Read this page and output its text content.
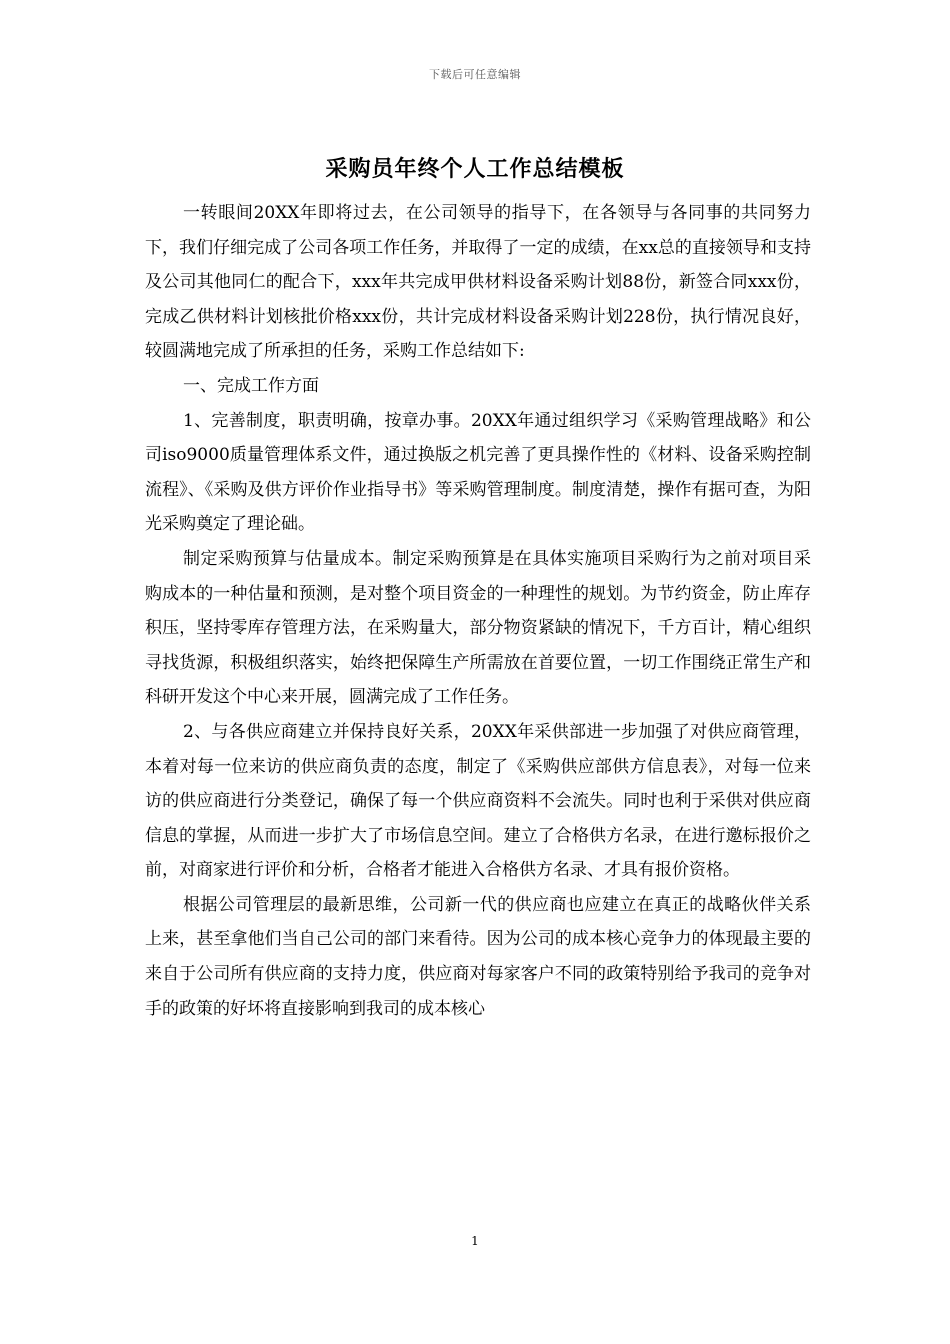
下载后可任意编辑
采购员年终个人工作总结模板

一转眼间20XX年即将过去，在公司领导的指导下，在各领导与各同事的共同努力下，我们仔细完成了公司各项工作任务，并取得了一定的成绩，在xx总的直接领导和支持及公司其他同仁的配合下，xxx年共完成甲供材料设备采购计划88份，新签合同xxx份，完成乙供材料计划核批价格xxx份，共计完成材料设备采购计划228份，执行情况良好，较圆满地完成了所承担的任务，采购工作总结如下:

一、完成工作方面

1、完善制度，职责明确，按章办事。20XX年通过组织学习《采购管理战略》和公司iso9000质量管理体系文件，通过换版之机完善了更具操作性的《材料、设备采购控制流程》、《采购及供方评价作业指导书》等采购管理制度。制度清楚，操作有据可查，为阳光采购奠定了理论础。

制定采购预算与估量成本。制定采购预算是在具体实施项目采购行为之前对项目采购成本的一种估量和预测，是对整个项目资金的一种理性的规划。为节约资金，防止库存积压，坚持零库存管理方法，在采购量大，部分物资紧缺的情况下，千方百计，精心组织寻找货源，积极组织落实，始终把保障生产所需放在首要位置，一切工作围绕正常生产和科研开发这个中心来开展，圆满完成了工作任务。

2、与各供应商建立并保持良好关系，20XX年采供部进一步加强了对供应商管理，本着对每一位来访的供应商负责的态度，制定了《采购供应部供方信息表》，对每一位来访的供应商进行分类登记，确保了每一个供应商资料不会流失。同时也利于采供对供应商信息的掌握，从而进一步扩大了市场信息空间。建立了合格供方名录，在进行邀标报价之前，对商家进行评价和分析，合格者才能进入合格供方名录、才具有报价资格。

根据公司管理层的最新思维，公司新一代的供应商也应建立在真正的战略伙伴关系上来，甚至拿他们当自己公司的部门来看待。因为公司的成本核心竞争力的体现最主要的来自于公司所有供应商的支持力度，供应商对每家客户不同的政策特别给予我司的竞争对手的政策的好坏将直接影响到我司的成本核心

1
